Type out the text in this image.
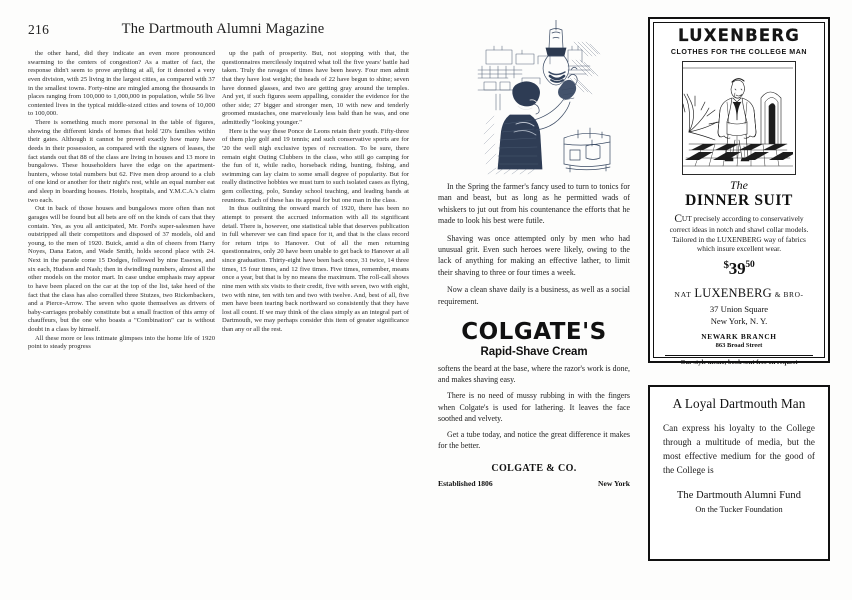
216	The Dartmouth Alumni Magazine

the other hand, did they indicate an even more pronounced swarming to the centers of congestion? As a matter of fact, the response didn't seem to prove anything at all, for it denoted a very even division, with 25 living in the largest cities, as compared with 37 in the smallest towns. Forty-nine are mingled among the thousands in places ranging from 100,000 to 1,000,000 in population, while 56 live contented lives in the typical middle-sized cities and towns of 10,000 to 100,000.

There is something much more personal in the table of figures, showing the different kinds of homes that hold '20's families within their gates. Although it cannot be proved exactly how many have deeds in their possession, as compared with the signers of leases, the fact stands out that 88 of the class are living in houses and 13 more in bungalows. These householders have the edge on the apartment-hunters, whose total numbers but 62. Five men drop around to a club of one kind or another for their night's rest, while an equal number eat and sleep in boarding houses. Hotels, hospitals, and Y.M.C.A.'s claim two each.

Out in back of those houses and bungalows more often than not garages will be found but all bets are off on the kinds of cars that they contain. Yes, as you all anticipated, Mr. Ford's super-salesmen have outstripped all their competitors and disposed of 37 models, old and young, to the men of 1920. Buick, amid a din of cheers from Harry Noyes, Dana Eaton, and Wade Smith, holds second place with 24. Next in the parade come 15 Dodges, followed by nine Essexes, and six each, Hudson and Nash; then in dwindling numbers, almost all the other models on the motor mart. In case undue emphasis may appear to have been placed on the car at the top of the list, take heed of the fact that the class has also corralled three Stutzes, two Rickenbackers, and a Pierce-Arrow. The seven who quote themselves as drivers of baby-carriages probably constitute but a small fraction of this army of chauffeurs, but the one who boasts a "Combination" car is without doubt in a class by himself.

All these more or less intimate glimpses into the home life of 1920 point to steady progress

up the path of prosperity. But, not stopping with that, the questionnaires mercilessly inquired what toll the five years' battle had taken. Truly the ravages of times have been heavy. Four men admit that they have lost weight; the heads of 22 have begun to shine; seven have donned glasses, and two are getting gray around the temples. And yet, if such figures seem appalling, consider the evidence for the other side; 27 bigger and stronger men, 10 with new and tenderly groomed mustaches, one marvelously less bald than he was, and one admittedly "looking younger."

Here is the way these Ponce de Leons retain their youth. Fifty-three of them play golf and 19 tennis; and such conservative sports are for '20 the well nigh exclusive types of recreation. To be sure, there remain eight Outing Clubbers in the class, who still go camping for the fun of it, while radio, horseback riding, hunting, fishing, and swimming can lay claim to some small degree of popularity. But for really distinctive hobbies we must turn to such isolated cases as flying, gem collecting, polo, Sunday school teaching, and leading bands at reunions. Each of these has its appeal for but one man in the class.

In thus outlining the onward march of 1920, there has been no attempt to present the accrued information with all its significant detail. There is, however, one statistical table that deserves publication in full wherever we can find space for it, and that is the class record for return trips to Hanover. Out of all the men returning questionnaires, only 20 have been unable to get back to Hanover at all since graduation. Thirty-eight have been back once, 31 twice, 14 three times, 15 four times, and 12 five times. Five times, remember, means once a year, but that is by no means the maximum. The roll-call shows nine men with six visits to their credit, five with seven, two with eight, two with nine, ten with ten and two with twelve. And, best of all, five men have been tearing back northward so consistently that they have lost all count. If we may think of the class simply as an integral part of Dartmouth, we may perhaps consider this item of greater significance than any or all the rest.

In the Spring the farmer's fancy used to turn to tonics for man and beast, but as long as he permitted wads of whiskers to jut out from his countenance the efforts that he made to look his best were futile.

Shaving was once attempted only by men who had unusual grit. Even such heroes were likely, owing to the lack of anything for making an effective lather, to limit their shaving to three or four times a week.

Now a clean shave daily is a business, as well as a social requirement.

COLGATE'S
Rapid-Shave Cream

softens the beard at the base, where the razor's work is done, and makes shaving easy.

There is no need of mussy rubbing in with the fingers when Colgate's is used for lathering. It leaves the face soothed and velvety.

Get a tube today, and notice the great difference it makes for the better.

COLGATE & CO.
Established 1806	New York
LUXENBERG
CLOTHES FOR THE COLLEGE MAN
The
DINNER SUIT
CUT precisely according to conservatively correct ideas in notch and shawl collar models. Tailored in the LUXENBERG way of fabrics which insure excellent wear.
$^{\$}39^{50}$
NAT LUXENBERG & BRO-
37 Union Square
New York, N. Y.
NEWARK BRANCH
863 Broad Street
Our style memo, book sent free on request
A Loyal Dartmouth Man
Can express his loyalty to the College through a multitude of media, but the most effective medium for the good of the College is
The Dartmouth Alumni Fund
On the Tucker Foundation
